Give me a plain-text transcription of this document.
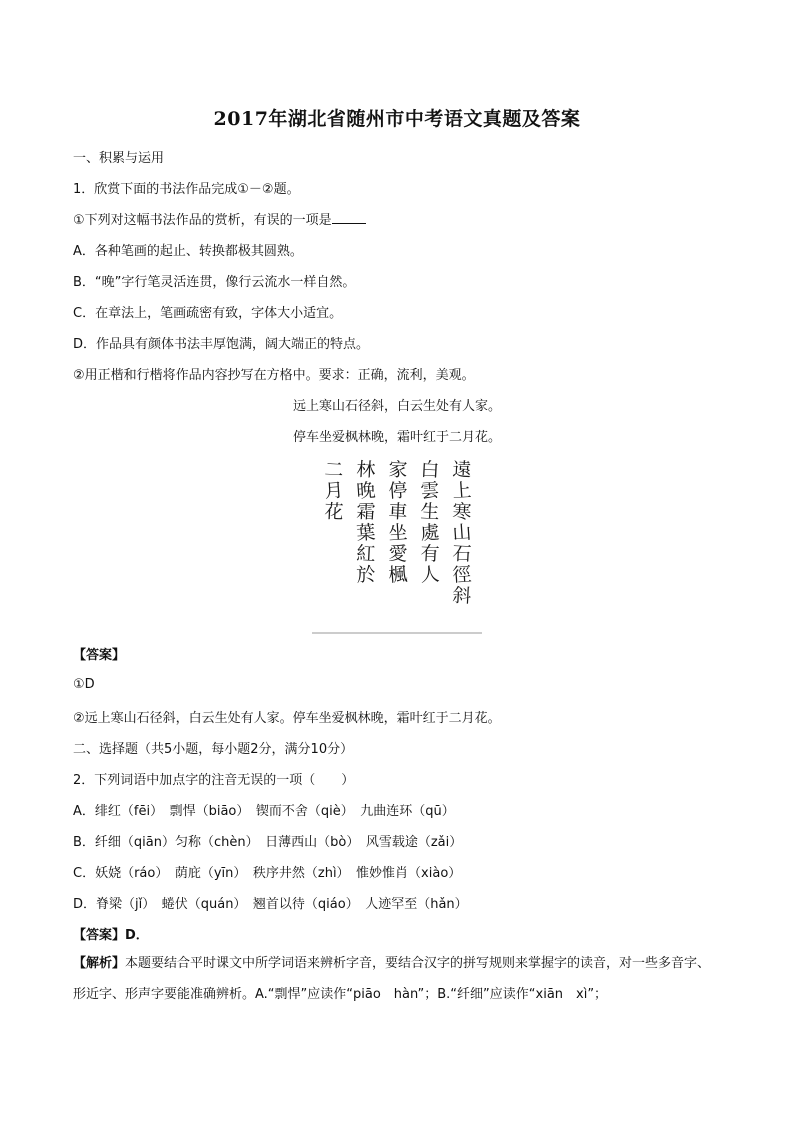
2017年湖北省随州市中考语文真题及答案
一、积累与运用
1．欣赏下面的书法作品完成①－②题。
①下列对这幅书法作品的赏析，有误的一项是
A．各种笔画的起止、转换都极其圆熟。
B．“晚”字行笔灵活连贯，像行云流水一样自然。
C．在章法上，笔画疏密有致，字体大小适宜。
D．作品具有颜体书法丰厚饱满，阔大端正的特点。
②用正楷和行楷将作品内容抄写在方格中。要求：正确，流利，美观。
远上寒山石径斜，白云生处有人家。
停车坐爱枫林晚，霜叶红于二月花。
遠
上
寒
山
石
徑
斜
白
雲
生
處
有
人
家
停
車
坐
愛
楓
林
晚
霜
葉
紅
於
二
月
花
【答案】
①D
②远上寒山石径斜，白云生处有人家。停车坐爱枫林晚，霜叶红于二月花。
二、选择题（共5小题，每小题2分，满分10分）
2．下列词语中加点字的注音无误的一项（　　）
A．绯红（fēi）　剽悍（biāo）　锲而不舍（qiè）　九曲连环（qū）
B．纤细（qiān）匀称（chèn）　日薄西山（bò）　风雪载途（zǎi）
C．妖娆（ráo）　荫庇（yīn）　秩序井然（zhì）　惟妙惟肖（xiào）
D．脊梁（jǐ）　蜷伏（quán）　翘首以待（qiáo）　人迹罕至（hǎn）
【答案】D．
【解析】本题要结合平时课文中所学词语来辨析字音，要结合汉字的拼写规则来掌握字的读音，对一些多音字、形近字、形声字要能准确辨析。A.“剽悍”应读作“piāo　hàn”；B.“纤细”应读作“xiān　xì”；
